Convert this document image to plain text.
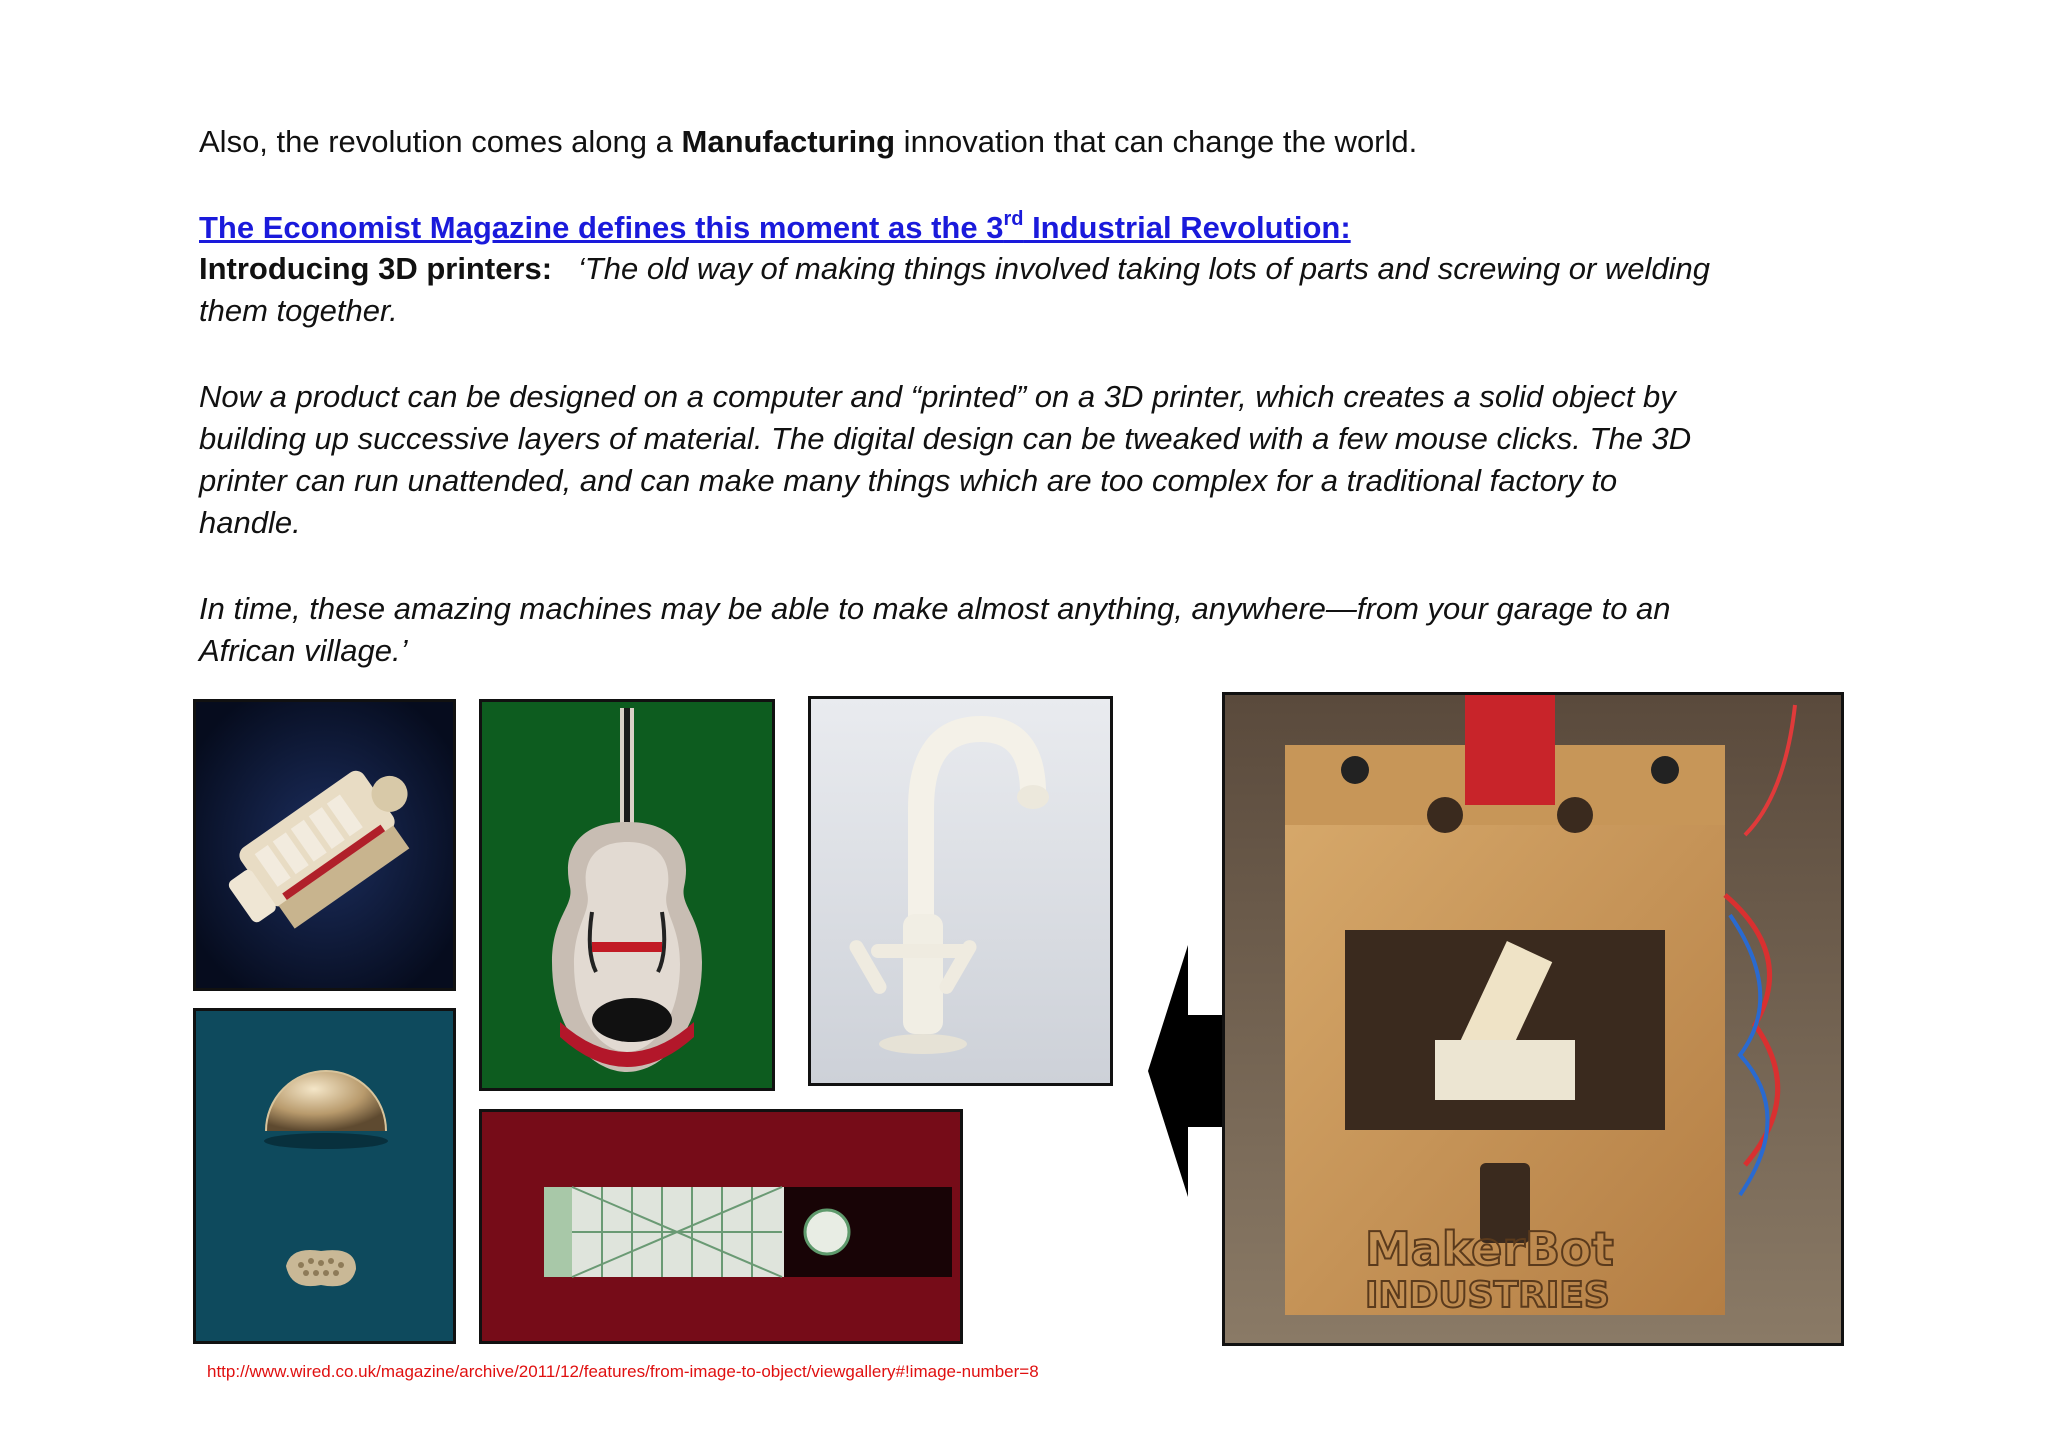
Also, the revolution comes along a Manufacturing innovation that can change the world.
The Economist Magazine defines this moment as the 3rd Industrial Revolution:
Introducing 3D printers: ‘The old way of making things involved taking lots of parts and screwing or welding
them together.
Now a product can be designed on a computer and “printed” on a 3D printer, which creates a solid object by
building up successive layers of material. The digital design can be tweaked with a few mouse clicks. The 3D
printer can run unattended, and can make many things which are too complex for a traditional factory to
handle.
In time, these amazing machines may be able to make almost anything, anywhere—from your garage to an
African village.’
MakerBot
INDUSTRIES
http://www.wired.co.uk/magazine/archive/2011/12/features/from-image-to-object/viewgallery#!image-number=8
